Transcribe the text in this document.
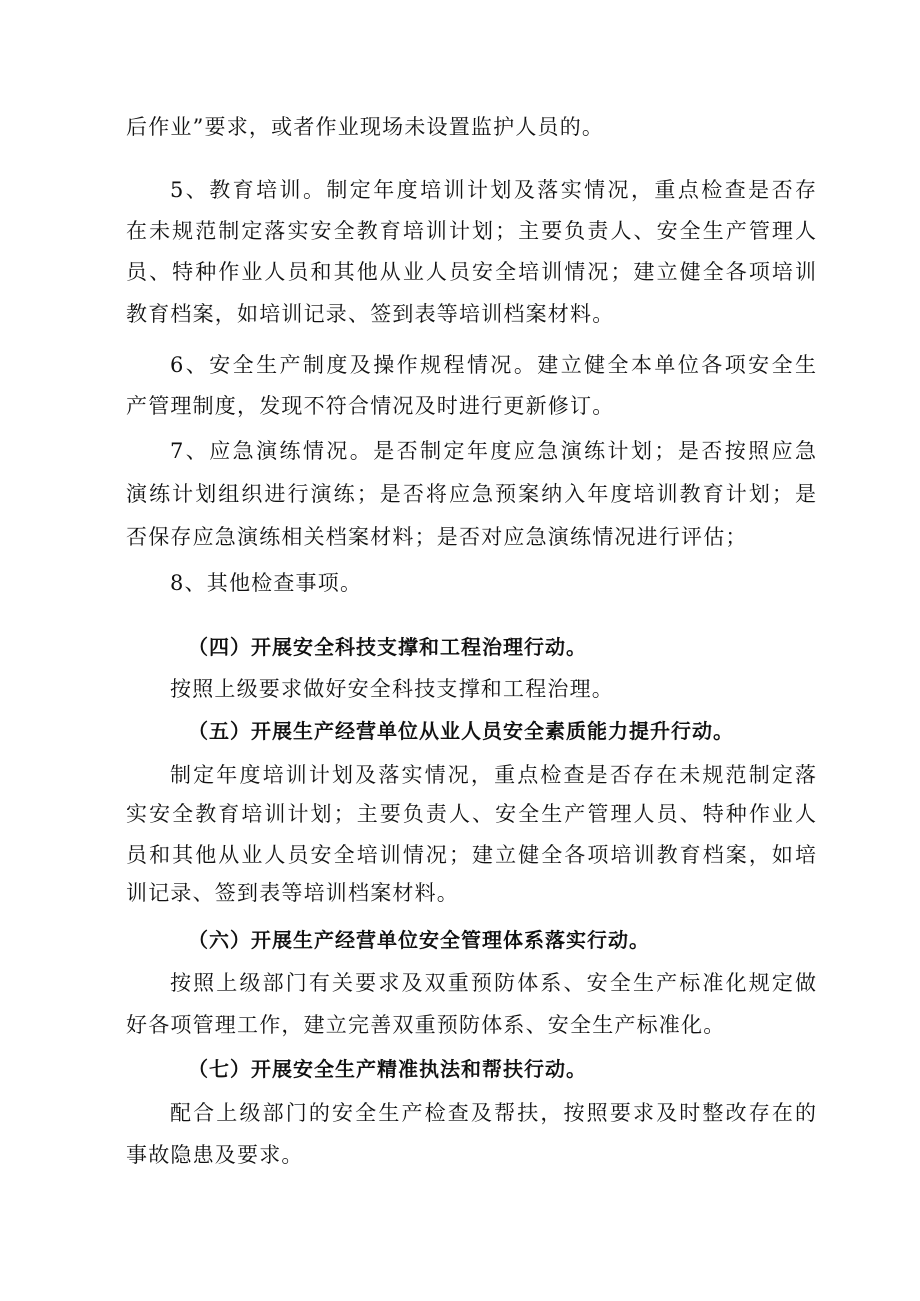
后作业”要求，或者作业现场未设置监护人员的。
5、教育培训。制定年度培训计划及落实情况，重点检查是否存
在未规范制定落实安全教育培训计划；主要负责人、安全生产管理人
员、特种作业人员和其他从业人员安全培训情况；建立健全各项培训
教育档案，如培训记录、签到表等培训档案材料。
6、安全生产制度及操作规程情况。建立健全本单位各项安全生
产管理制度，发现不符合情况及时进行更新修订。
7、应急演练情况。是否制定年度应急演练计划；是否按照应急
演练计划组织进行演练；是否将应急预案纳入年度培训教育计划；是
否保存应急演练相关档案材料；是否对应急演练情况进行评估；
8、其他检查事项。
（四）开展安全科技支撑和工程治理行动。
按照上级要求做好安全科技支撑和工程治理。
（五）开展生产经营单位从业人员安全素质能力提升行动。
制定年度培训计划及落实情况，重点检查是否存在未规范制定落
实安全教育培训计划；主要负责人、安全生产管理人员、特种作业人
员和其他从业人员安全培训情况；建立健全各项培训教育档案，如培
训记录、签到表等培训档案材料。
（六）开展生产经营单位安全管理体系落实行动。
按照上级部门有关要求及双重预防体系、安全生产标准化规定做
好各项管理工作，建立完善双重预防体系、安全生产标准化。
（七）开展安全生产精准执法和帮扶行动。
配合上级部门的安全生产检查及帮扶，按照要求及时整改存在的
事故隐患及要求。
